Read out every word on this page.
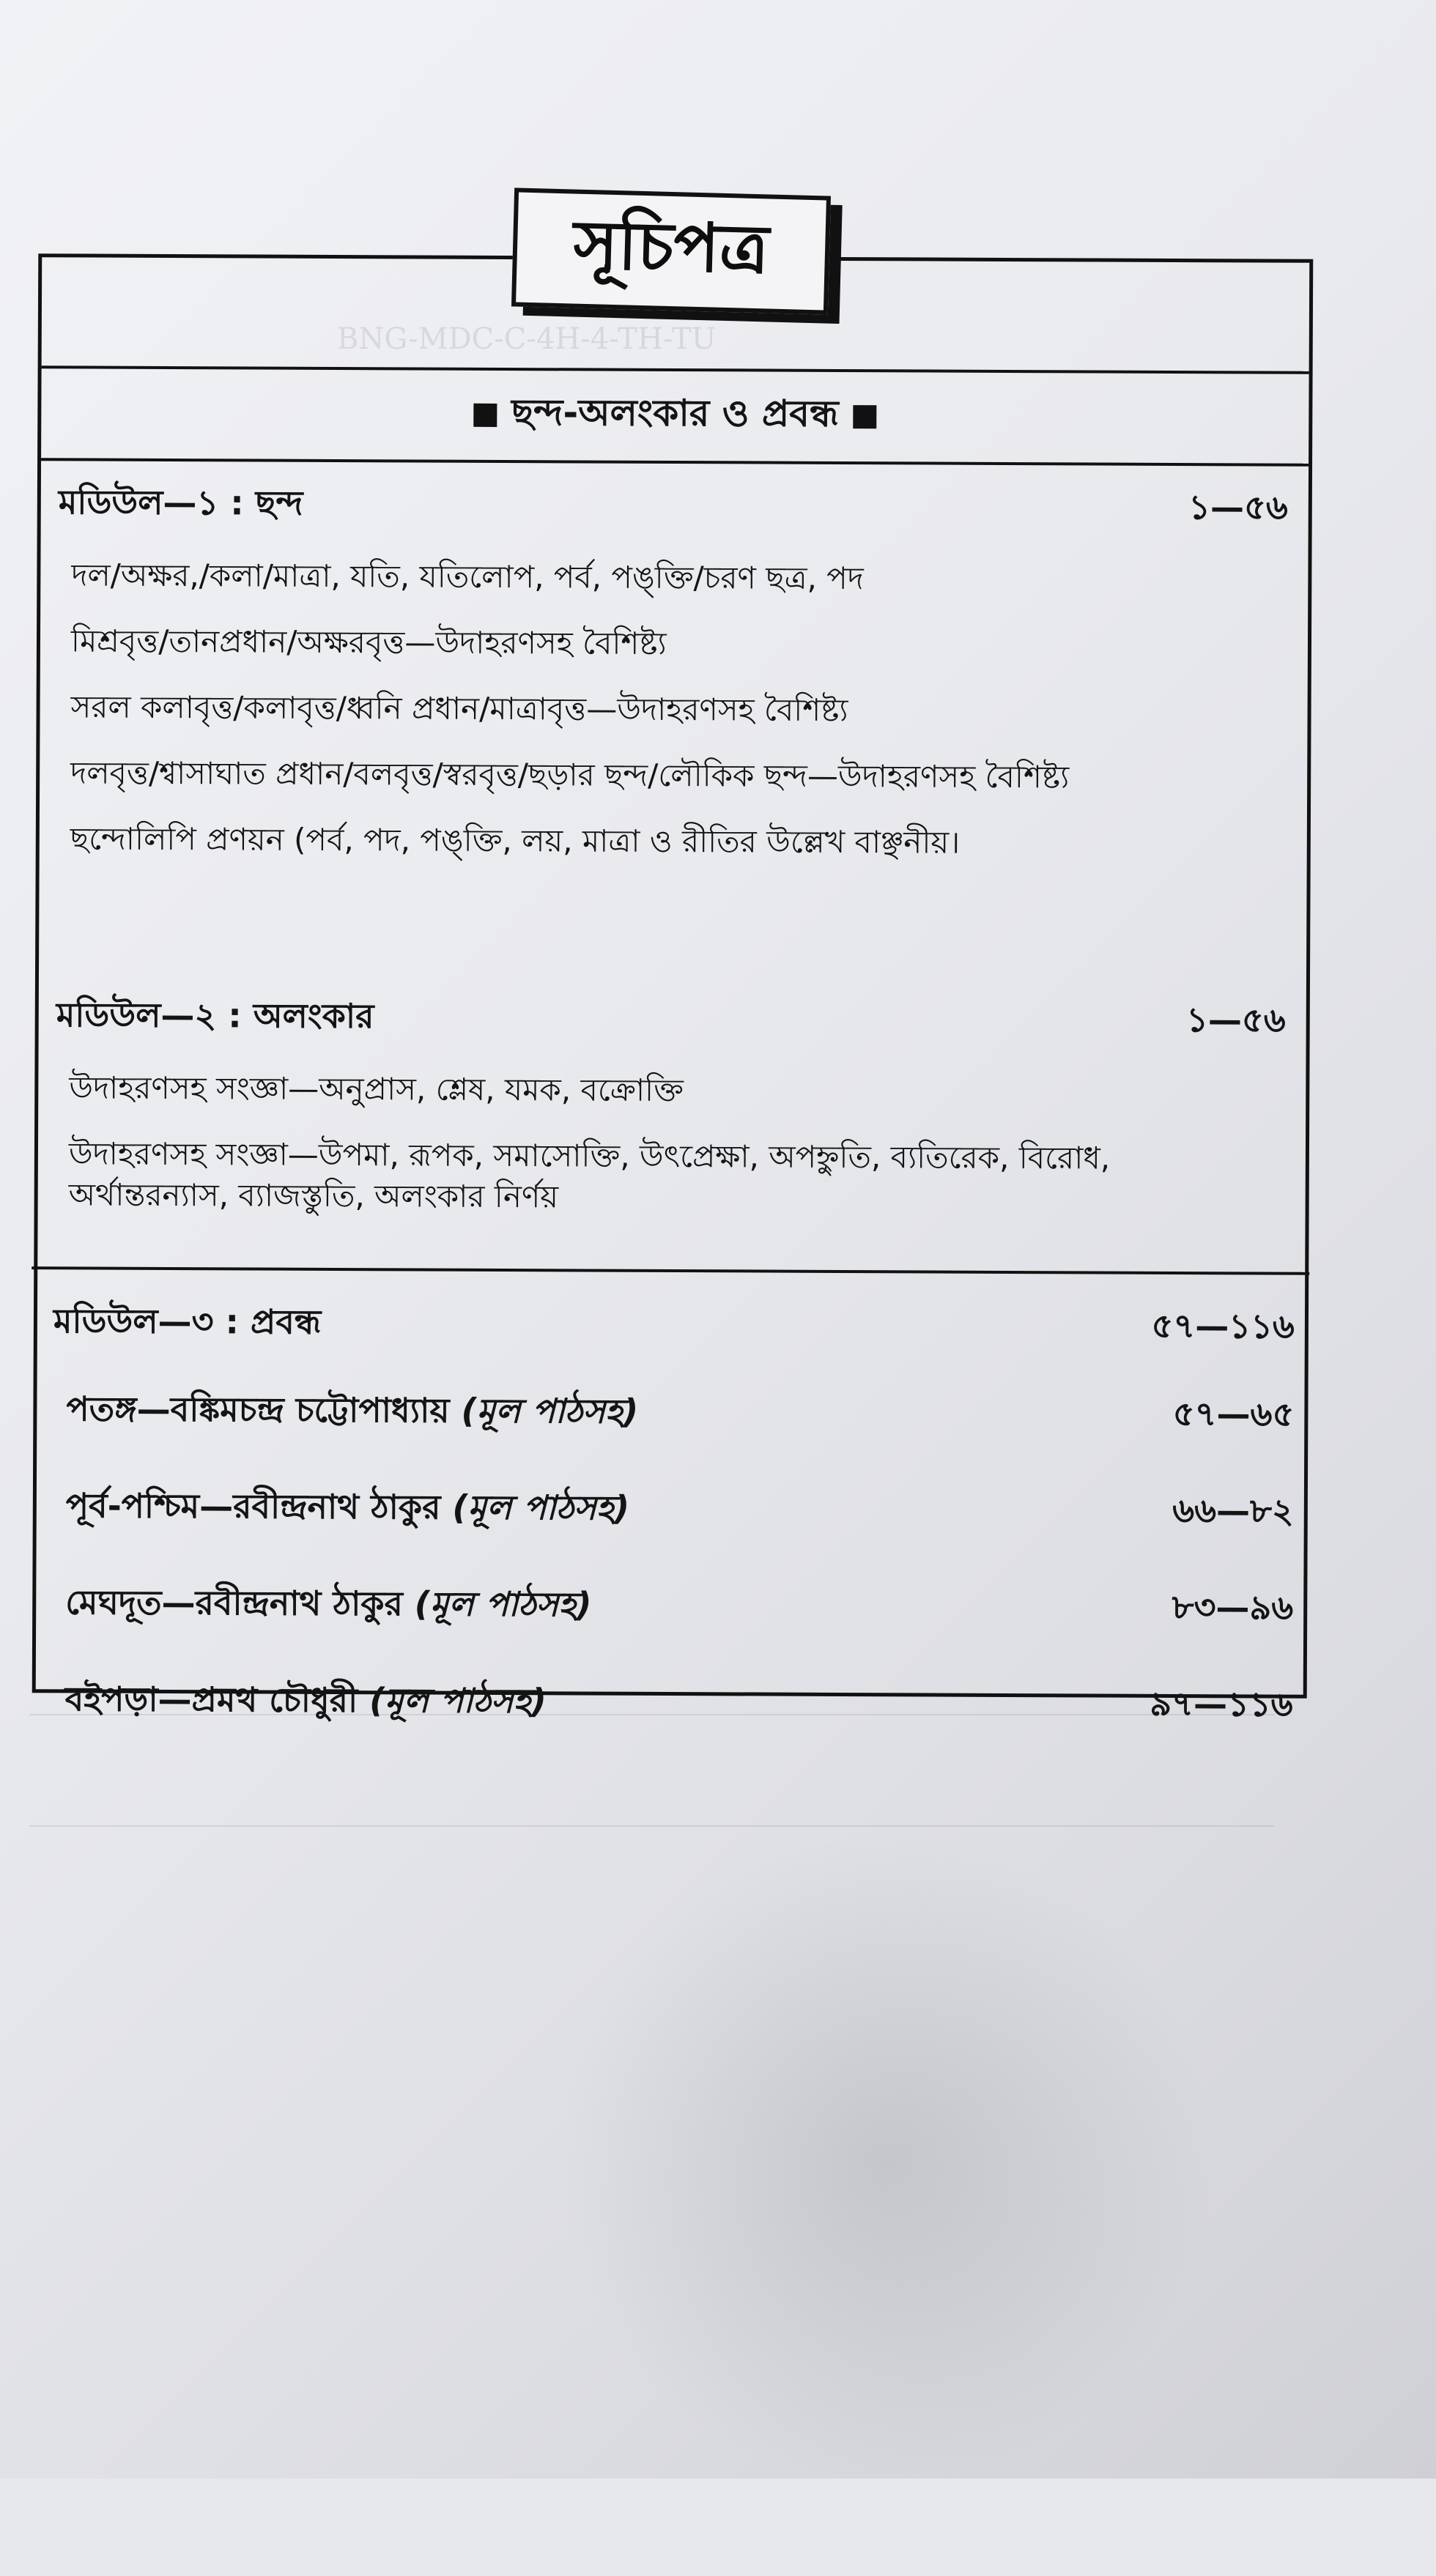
BNG-MDC-C-4H-4-TH-TU
সূচিপত্র
ছন্দ-অলংকার ও প্রবন্ধ
মডিউল—১ : ছন্দ	১—৫৬
দল/অক্ষর,/কলা/মাত্রা, যতি, যতিলোপ, পর্ব, পঙ্‌ক্তি/চরণ ছত্র, পদ
মিশ্রবৃত্ত/তানপ্রধান/অক্ষরবৃত্ত—উদাহরণসহ বৈশিষ্ট্য
সরল কলাবৃত্ত/কলাবৃত্ত/ধ্বনি প্রধান/মাত্রাবৃত্ত—উদাহরণসহ বৈশিষ্ট্য
দলবৃত্ত/শ্বাসাঘাত প্রধান/বলবৃত্ত/স্বরবৃত্ত/ছড়ার ছন্দ/লৌকিক ছন্দ—উদাহরণসহ বৈশিষ্ট্য
ছন্দোলিপি প্রণয়ন (পর্ব, পদ, পঙ্‌ক্তি, লয়, মাত্রা ও রীতির উল্লেখ বাঞ্ছনীয়।
মডিউল—২ : অলংকার	১—৫৬
উদাহরণসহ সংজ্ঞা—অনুপ্রাস, শ্লেষ, যমক, বক্রোক্তি
উদাহরণসহ সংজ্ঞা—উপমা, রূপক, সমাসোক্তি, উৎপ্রেক্ষা, অপহ্নুতি, ব্যতিরেক, বিরোধ, অর্থান্তরন্যাস, ব্যাজস্তুতি, অলংকার নির্ণয়
মডিউল—৩ : প্রবন্ধ	৫৭—১১৬
পতঙ্গ—বঙ্কিমচন্দ্র চট্টোপাধ্যায় (মূল পাঠসহ)	৫৭—৬৫
পূর্ব-পশ্চিম—রবীন্দ্রনাথ ঠাকুর (মূল পাঠসহ)	৬৬—৮২
মেঘদূত—রবীন্দ্রনাথ ঠাকুর (মূল পাঠসহ)	৮৩—৯৬
বইপড়া—প্রমথ চৌধুরী (মূল পাঠসহ)	৯৭—১১৬
